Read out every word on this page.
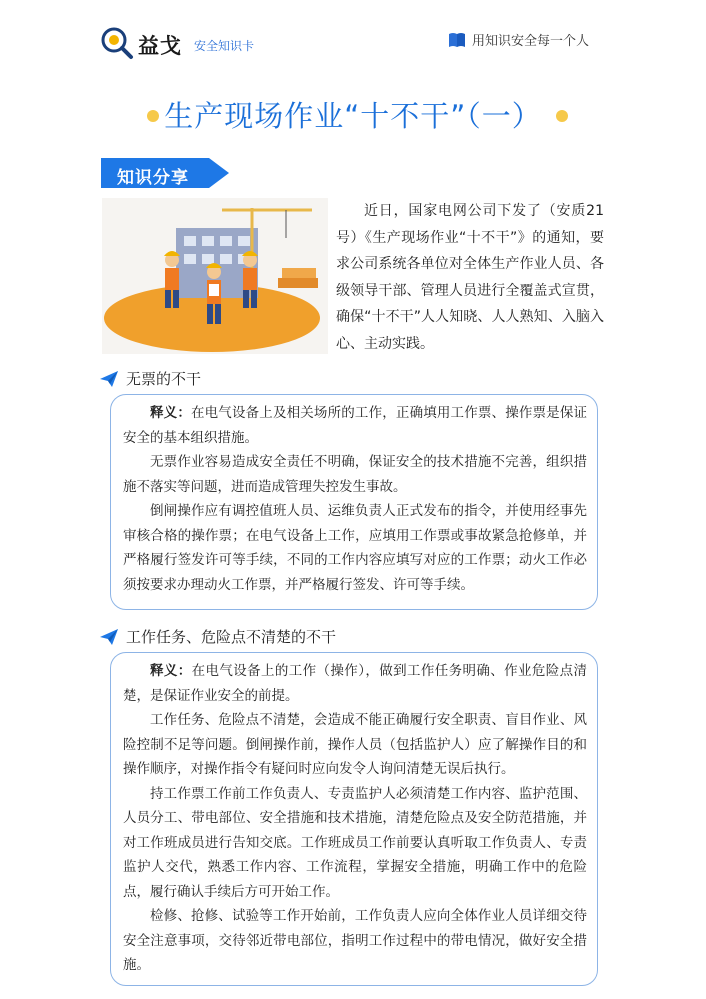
益戈 安全知识卡	用知识安全每一个人
生产现场作业“十不干”（一）
知识分享
近日，国家电网公司下发了（安质21号）《生产现场作业“十不干”》的通知，要求公司系统各单位对全体生产作业人员、各级领导干部、管理人员进行全覆盖式宣贯，确保“十不干”人人知晓、人人熟知、入脑入心、主动实践。
无票的不干

释义：在电气设备上及相关场所的工作，正确填用工作票、操作票是保证安全的基本组织措施。

无票作业容易造成安全责任不明确，保证安全的技术措施不完善，组织措施不落实等问题，进而造成管理失控发生事故。

倒闸操作应有调控值班人员、运维负责人正式发布的指令，并使用经事先审核合格的操作票；在电气设备上工作，应填用工作票或事故紧急抢修单，并严格履行签发许可等手续，不同的工作内容应填写对应的工作票；动火工作必须按要求办理动火工作票，并严格履行签发、许可等手续。

工作任务、危险点不清楚的不干

释义：在电气设备上的工作（操作），做到工作任务明确、作业危险点清楚，是保证作业安全的前提。

工作任务、危险点不清楚，会造成不能正确履行安全职责、盲目作业、风险控制不足等问题。倒闸操作前，操作人员（包括监护人）应了解操作目的和操作顺序，对操作指令有疑问时应向发令人询问清楚无误后执行。

持工作票工作前工作负责人、专责监护人必须清楚工作内容、监护范围、人员分工、带电部位、安全措施和技术措施，清楚危险点及安全防范措施，并对工作班成员进行告知交底。工作班成员工作前要认真听取工作负责人、专责监护人交代，熟悉工作内容、工作流程，掌握安全措施，明确工作中的危险点，履行确认手续后方可开始工作。

检修、抢修、试验等工作开始前，工作负责人应向全体作业人员详细交待安全注意事项，交待邻近带电部位，指明工作过程中的带电情况，做好安全措施。
